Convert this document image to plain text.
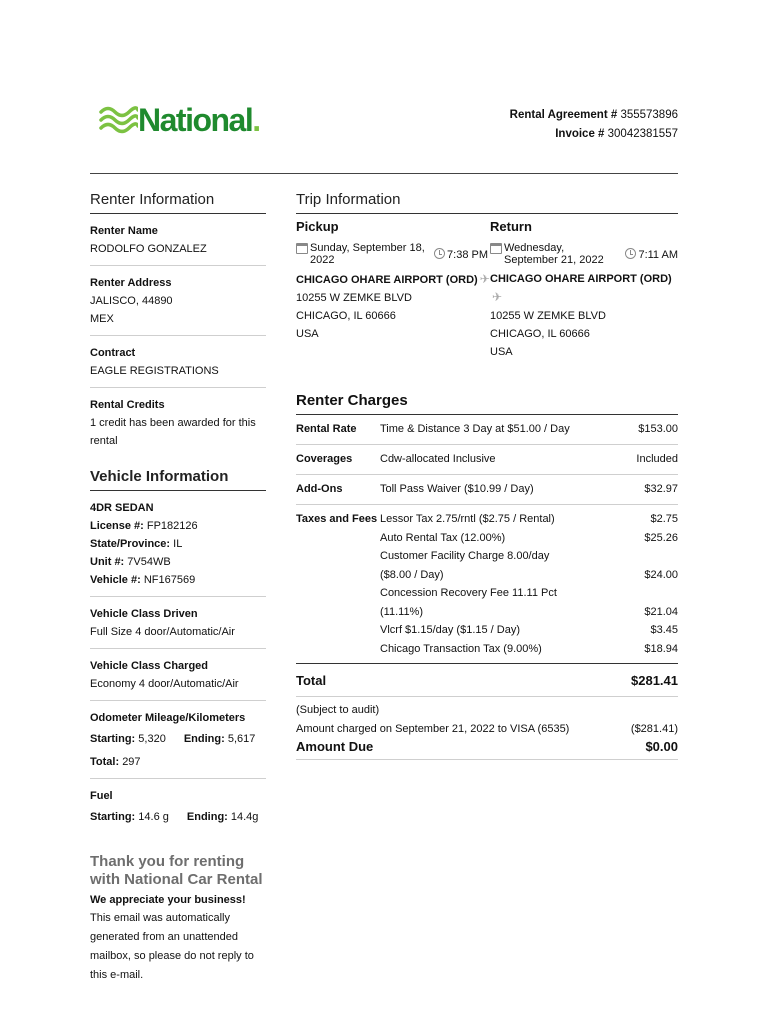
National.	Rental Agreement # 355573896
Invoice # 30042381557
Renter Information
Renter Name
RODOLFO GONZALEZ
Renter Address
JALISCO, 44890
MEX
Contract
EAGLE REGISTRATIONS
Rental Credits
1 credit has been awarded for this rental
Vehicle Information
4DR SEDAN
License #: FP182126
State/Province: IL
Unit #: 7V54WB
Vehicle #: NF167569
Vehicle Class Driven
Full Size 4 door/Automatic/Air
Vehicle Class Charged
Economy 4 door/Automatic/Air
Odometer Mileage/Kilometers
Starting: 5,320 Ending: 5,617
Total: 297
Fuel
Starting: 14.6 g Ending: 14.4g
Thank you for renting with National Car Rental
We appreciate your business!
This email was automatically generated from an unattended mailbox, so please do not reply to this e-mail.
Trip Information
Pickup
Sunday, September 18, 2022	7:38 PM
CHICAGO OHARE AIRPORT (ORD) ✈
10255 W ZEMKE BLVD
CHICAGO, IL 60666
USA
Return
Wednesday, September 21, 2022	7:11 AM
CHICAGO OHARE AIRPORT (ORD)✈
10255 W ZEMKE BLVD
CHICAGO, IL 60666
USA
Renter Charges
Rental Rate	Time & Distance 3 Day at $51.00 / Day	$153.00
Coverages	Cdw-allocated Inclusive	Included
Add-Ons	Toll Pass Waiver ($10.99 / Day)	$32.97
Taxes and Fees Lessor Tax 2.75/rntl ($2.75 / Rental)	$2.75
Auto Rental Tax (12.00%)	$25.26
Customer Facility Charge 8.00/day ($8.00 / Day)	$24.00
Concession Recovery Fee 11.11 Pct (11.11%)	$21.04
Vlcrf $1.15/day ($1.15 / Day)	$3.45
Chicago Transaction Tax (9.00%)	$18.94
Total	$281.41
(Subject to audit)
Amount charged on September 21, 2022 to VISA (6535)	($281.41)
Amount Due	$0.00
